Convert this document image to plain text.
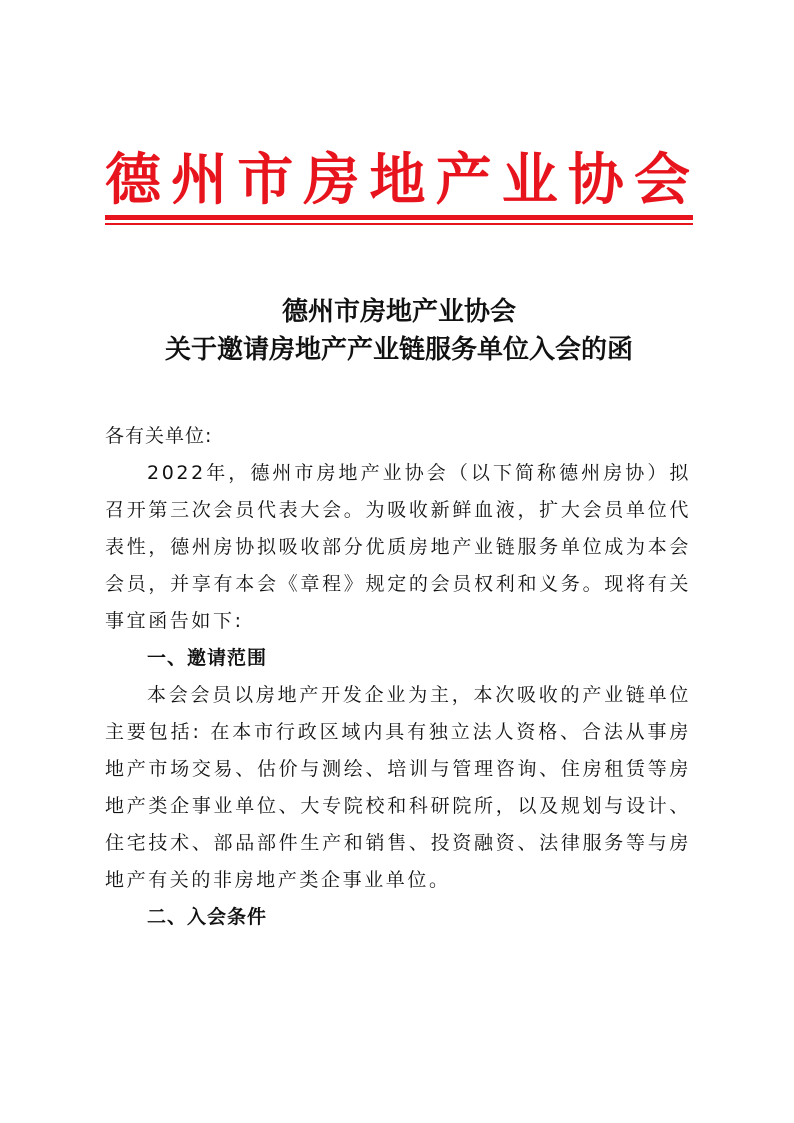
德 州 市 房 地 产 业 协 会
德州市房地产业协会
关于邀请房地产产业链服务单位入会的函

各有关单位:

2022年，德州市房地产业协会（以下简称德州房协）拟召开第三次会员代表大会。为吸收新鲜血液，扩大会员单位代表性，德州房协拟吸收部分优质房地产业链服务单位成为本会会员，并享有本会《章程》规定的会员权利和义务。现将有关事宜函告如下:

一、邀请范围

本会会员以房地产开发企业为主，本次吸收的产业链单位主要包括: 在本市行政区域内具有独立法人资格、合法从事房地产市场交易、估价与测绘、培训与管理咨询、住房租赁等房地产类企事业单位、大专院校和科研院所，以及规划与设计、住宅技术、部品部件生产和销售、投资融资、法律服务等与房地产有关的非房地产类企事业单位。

二、入会条件
